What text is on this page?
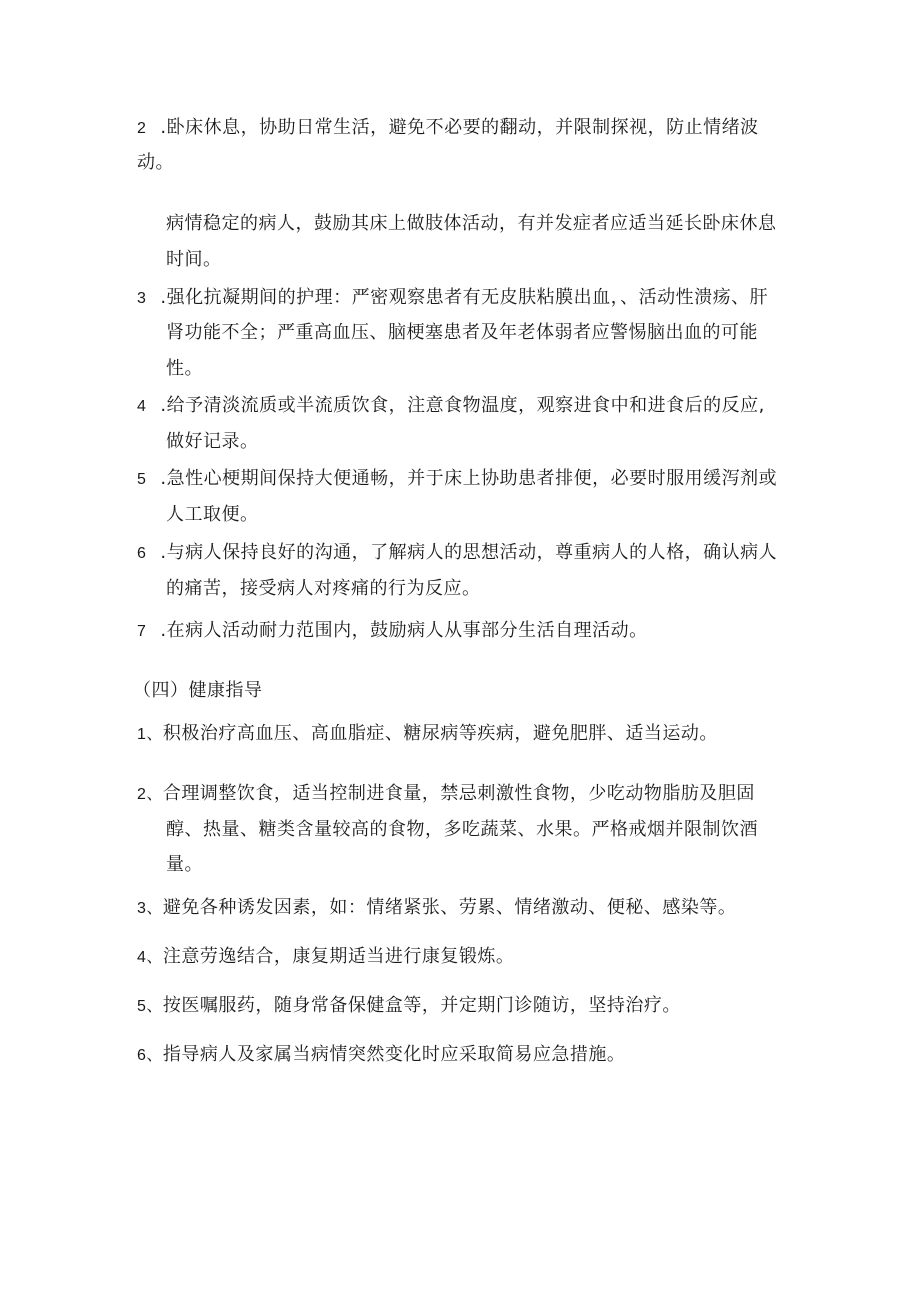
2 .卧床休息，协助日常生活，避免不必要的翻动，并限制探视，防止情绪波
动。
病情稳定的病人，鼓励其床上做肢体活动，有并发症者应适当延长卧床休息
时间。
3 .强化抗凝期间的护理：严密观察患者有无皮肤粘膜出血，、活动性溃疡、肝
肾功能不全；严重高血压、脑梗塞患者及年老体弱者应警惕脑出血的可能
性。
4 .给予清淡流质或半流质饮食，注意食物温度，观察进食中和进食后的反应,
做好记录。
5 .急性心梗期间保持大便通畅，并于床上协助患者排便，必要时服用缓泻剂或
人工取便。
6 .与病人保持良好的沟通，了解病人的思想活动，尊重病人的人格，确认病人
的痛苦，接受病人对疼痛的行为反应。
7 .在病人活动耐力范围内，鼓励病人从事部分生活自理活动。
（四）健康指导
1、积极治疗高血压、高血脂症、糖尿病等疾病，避免肥胖、适当运动。
2、合理调整饮食，适当控制进食量，禁忌刺激性食物，少吃动物脂肪及胆固
醇、热量、糖类含量较高的食物，多吃蔬菜、水果。严格戒烟并限制饮酒
量。
3、避免各种诱发因素，如：情绪紧张、劳累、情绪激动、便秘、感染等。
4、注意劳逸结合，康复期适当进行康复锻炼。
5、按医嘱服药，随身常备保健盒等，并定期门诊随访，坚持治疗。
6、指导病人及家属当病情突然变化时应采取简易应急措施。
